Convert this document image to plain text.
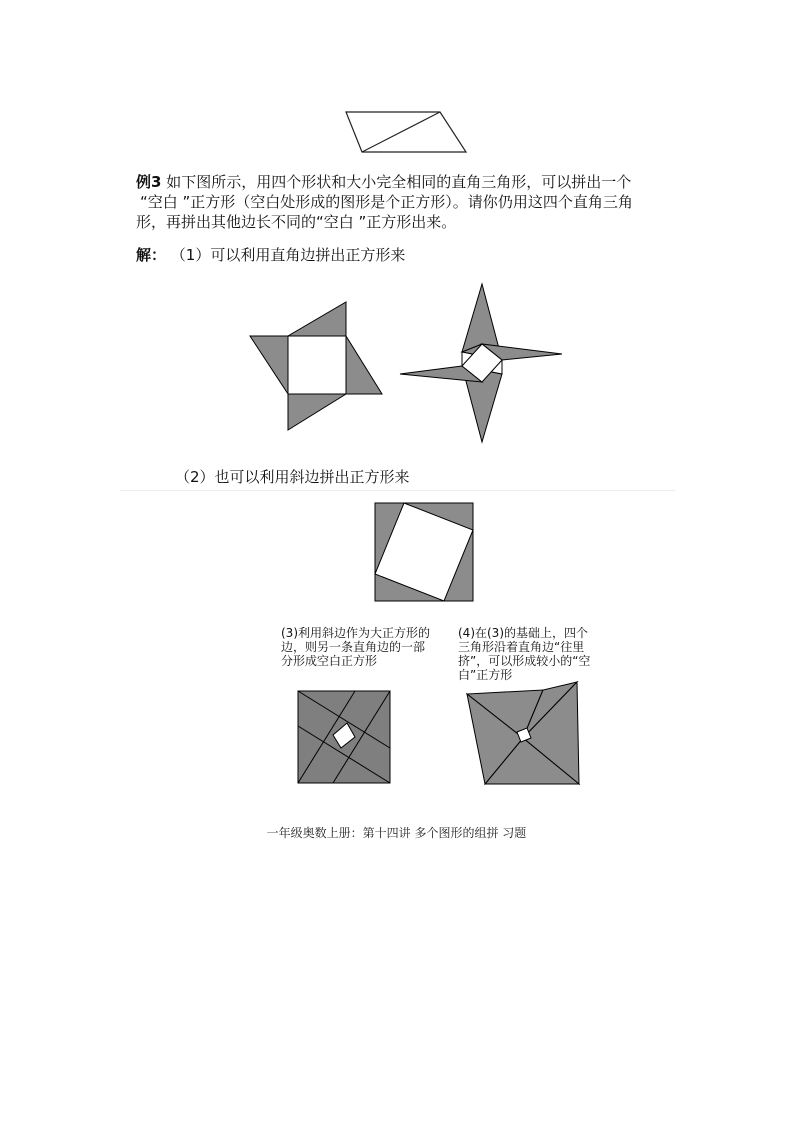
例3 如下图所示，用四个形状和大小完全相同的直角三角形，可以拼出一个
“空白 ”正方形（空白处形成的图形是个正方形）。请你仍用这四个直角三角
形，再拼出其他边长不同的“空白 ”正方形出来。
解： （1）可以利用直角边拼出正方形来
（2）也可以利用斜边拼出正方形来
(3)利用斜边作为大正方形的边，则另一条直角边的一部分形成空白正方形
(4)在(3)的基础上，四个三角形沿着直角边“往里挤”，可以形成较小的“空白”正方形
一年级奥数上册：第十四讲 多个图形的组拼 习题
